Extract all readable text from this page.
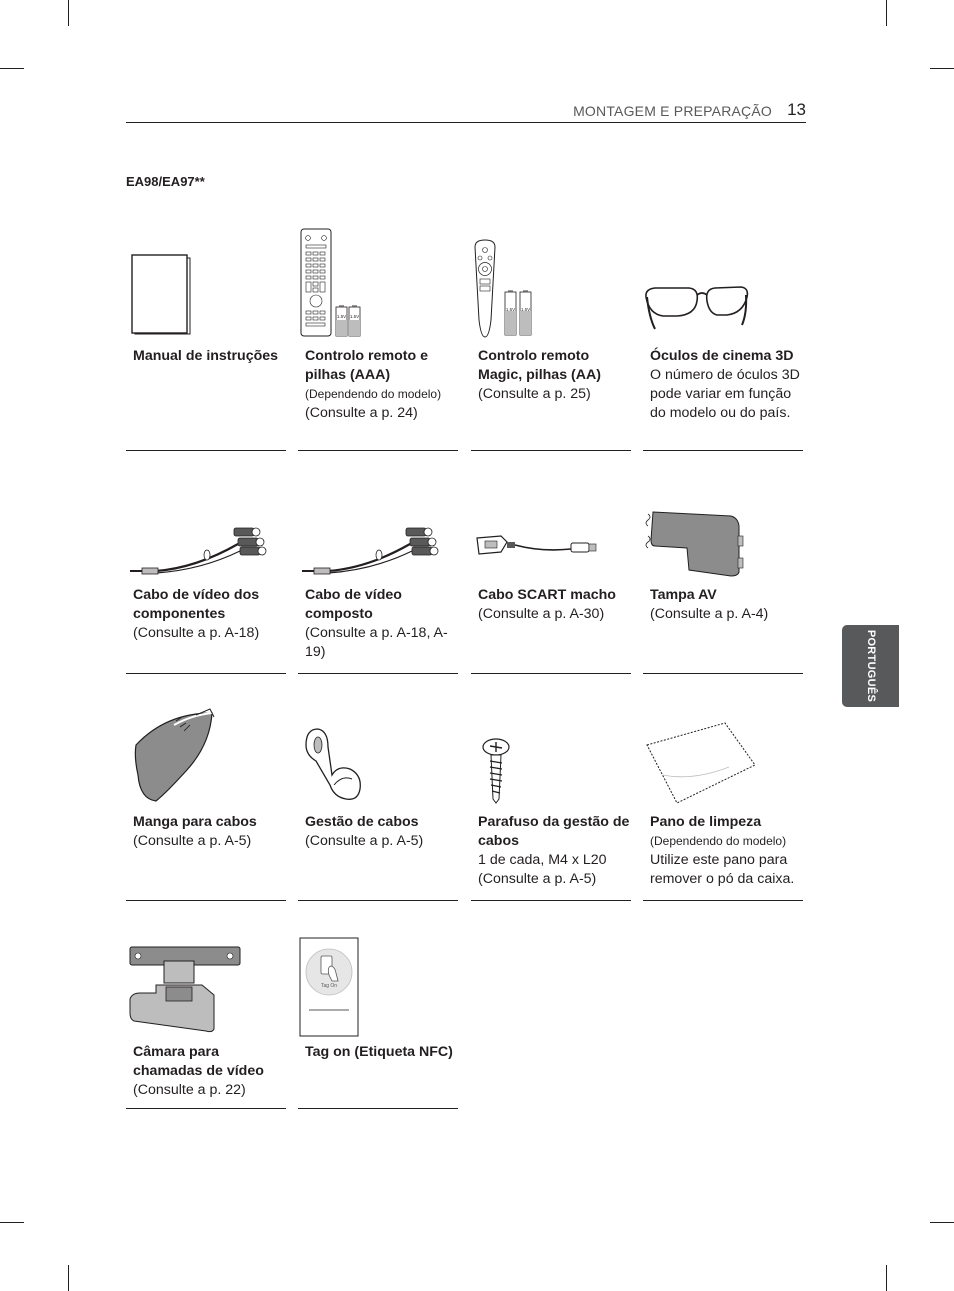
MONTAGEM E PREPARAÇÃO 13
EA98/EA97**
PORTUGUÊS
Manual de instruções
1.5V 1.5V
Controlo remoto e pilhas (AAA)
(Dependendo do modelo)
(Consulte a p. 24)
1.5V 1.5V
Controlo remoto Magic, pilhas (AA)
(Consulte a p. 25)
Óculos de cinema 3D
O número de óculos 3D pode variar em função do modelo ou do país.
Cabo de vídeo dos componentes
(Consulte a p. A-18)
Cabo de vídeo composto
(Consulte a p. A-18, A-19)
Cabo SCART macho
(Consulte a p. A-30)
Tampa AV
(Consulte a p. A-4)
Manga para cabos
(Consulte a p. A-5)
Gestão de cabos
(Consulte a p. A-5)
Parafuso da gestão de cabos
1 de cada, M4 x L20
(Consulte a p. A-5)
Pano de limpeza
(Dependendo do modelo)
Utilize este pano para remover o pó da caixa.
Câmara para chamadas de vídeo
(Consulte a p. 22)
Tag On
Tag on (Etiqueta NFC)
